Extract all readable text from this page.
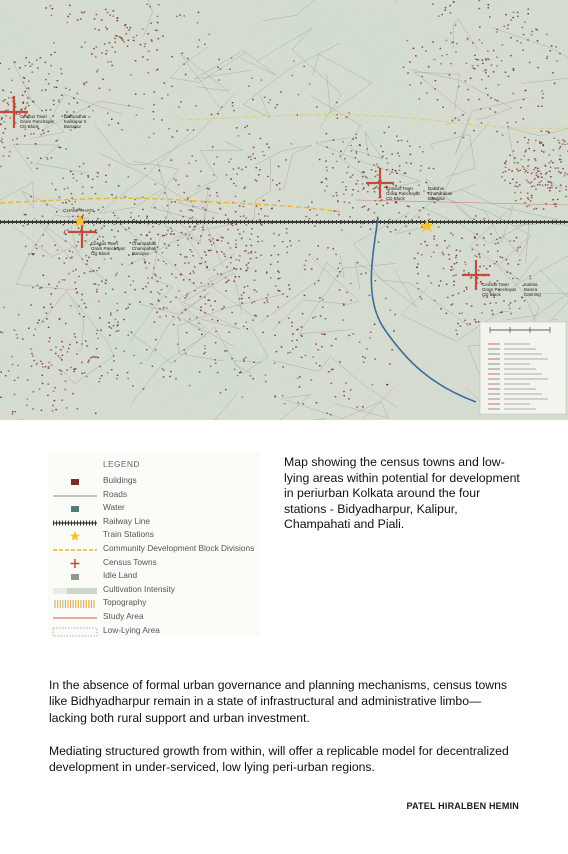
Census Town
Gram Panchayat
CD Block
Bidhyadhar
Kalikapur II
Baruipur
Census Town
Gram Panchayat
CD Block
Champahati
Champahati
Baruipur
Census Town
Gram Panchayat
CD Block
Dakshin
Chandrakati
Baruipur
Census Town
Gram Panchayat
CD Block
Kalinia
Bamra
Canning
CHAMPAHATI
LEGEND
Buildings
Roads
Water
Railway Line
Train Stations
Community Development Block Divisions
Census Towns
Idle Land
Cultivation Intensity
Topography
Study Area
Low-Lying Area
Map showing the census towns and low-lying areas within potential for development in periurban Kolkata around the four stations - Bidyadharpur, Kalipur, Champahati and Piali.
In the absence of formal urban governance and planning mechanisms, census towns like Bidhyadharpur remain in a state of infrastructural and administrative limbo—lacking both rural support and urban investment.
Mediating structured growth from within, will offer a replicable model for decentralized development in under-serviced, low lying peri-urban regions.
PATEL HIRALBEN HEMIN
